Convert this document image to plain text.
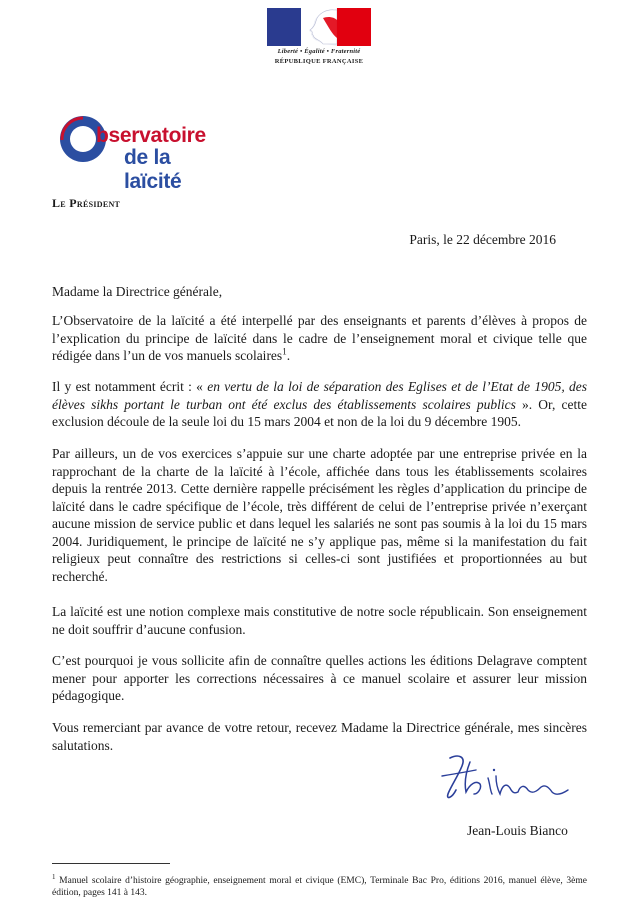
Liberté • Égalité • Fraternité
RÉPUBLIQUE FRANÇAISE
bservatoire
de la laïcité
Le Président
Paris, le 22 décembre 2016
Madame la Directrice générale,
L’Observatoire de la laïcité a été interpellé par des enseignants et parents d’élèves à propos de l’explication du principe de laïcité dans le cadre de l’enseignement moral et civique telle que rédigée dans l’un de vos manuels scolaires$^1$.
Il y est notamment écrit : « en vertu de la loi de séparation des Eglises et de l’Etat de 1905, des élèves sikhs portant le turban ont été exclus des établissements scolaires publics ». Or, cette exclusion découle de la seule loi du 15 mars 2004 et non de la loi du 9 décembre 1905.
Par ailleurs, un de vos exercices s’appuie sur une charte adoptée par une entreprise privée en la rapprochant de la charte de la laïcité à l’école, affichée dans tous les établissements scolaires depuis la rentrée 2013. Cette dernière rappelle précisément les règles d’application du principe de laïcité dans le cadre spécifique de l’école, très différent de celui de l’entreprise privée n’exerçant aucune mission de service public et dans lequel les salariés ne sont pas soumis à la loi du 15 mars 2004. Juridiquement, le principe de laïcité ne s’y applique pas, même si la manifestation du fait religieux peut connaître des restrictions si celles-ci sont justifiées et proportionnées au but recherché.
La laïcité est une notion complexe mais constitutive de notre socle républicain. Son enseignement ne doit souffrir d’aucune confusion.
C’est pourquoi je vous sollicite afin de connaître quelles actions les éditions Delagrave comptent mener pour apporter les corrections nécessaires à ce manuel scolaire et assurer leur mission pédagogique.
Vous remerciant par avance de votre retour, recevez Madame la Directrice générale, mes sincères salutations.
Jean-Louis Bianco
$^1$ Manuel scolaire d’histoire géographie, enseignement moral et civique (EMC), Terminale Bac Pro, éditions 2016, manuel élève, 3ème édition, pages 141 à 143.
